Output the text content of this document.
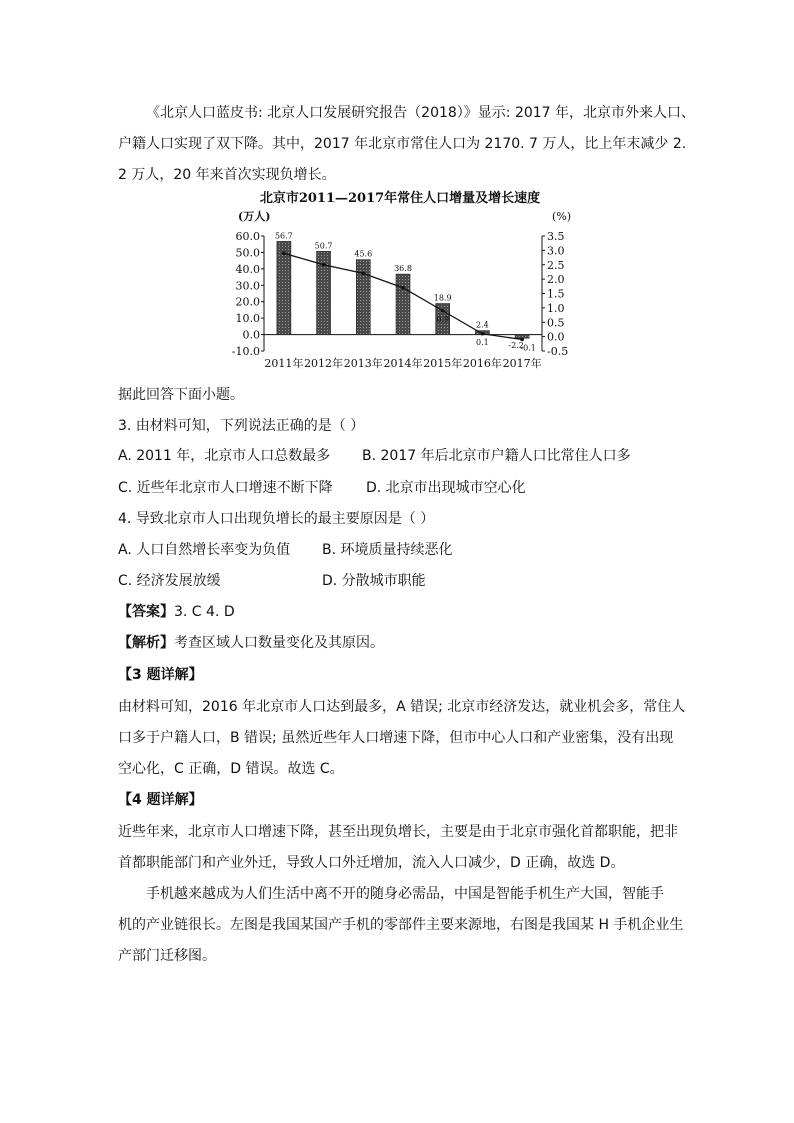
《北京人口蓝皮书: 北京人口发展研究报告（2018）》显示: 2017 年，北京市外来人口、
户籍人口实现了双下降。其中，2017 年北京市常住人口为 2170. 7 万人，比上年末减少 2.
2 万人，20 年来首次实现负增长。
北京市2011—2017年常住人口增量及增长速度
(万人)	(%)
60.0
50.0
40.0
30.0
20.0
10.0
0.0
-10.0
3.5
3.0
2.5
2.0
1.5
1.0
0.5
0.0
-0.5
56.7
2011年
50.7
2012年
45.6
2013年
36.8
2014年
18.9
2015年
2.4
2016年
-2.2
2017年
0.9
0.1
-0.1
据此回答下面小题。
3. 由材料可知，下列说法正确的是（ ）
A. 2011 年，北京市人口总数最多 B. 2017 年后北京市户籍人口比常住人口多
C. 近些年北京市人口增速不断下降 D. 北京市出现城市空心化
4. 导致北京市人口出现负增长的最主要原因是（ ）
A. 人口自然增长率变为负值 B. 环境质量持续恶化
C. 经济发展放缓	D. 分散城市职能
【答案】3. C 4. D
【解析】考查区域人口数量变化及其原因。
【3 题详解】
由材料可知，2016 年北京市人口达到最多，A 错误; 北京市经济发达，就业机会多，常住人
口多于户籍人口，B 错误; 虽然近些年人口增速下降，但市中心人口和产业密集，没有出现
空心化，C 正确，D 错误。故选 C。
【4 题详解】
近些年来，北京市人口增速下降，甚至出现负增长，主要是由于北京市强化首都职能，把非
首都职能部门和产业外迁，导致人口外迁增加，流入人口减少，D 正确，故选 D。
手机越来越成为人们生活中离不开的随身必需品，中国是智能手机生产大国，智能手
机的产业链很长。左图是我国某国产手机的零部件主要来源地，右图是我国某 H 手机企业生
产部门迁移图。
